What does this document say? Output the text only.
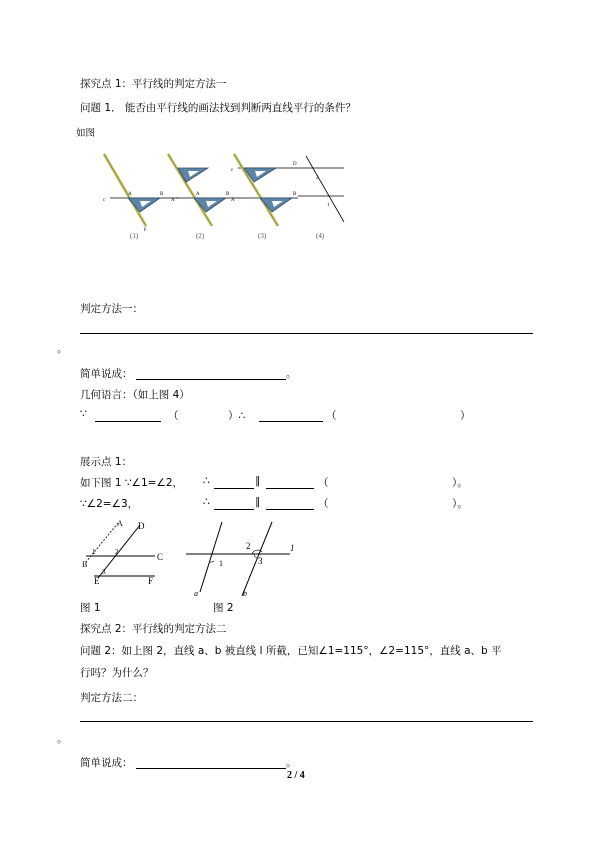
探究点 1：平行线的判定方法一
问题 1． 能否由平行线的画法找到判断两直线平行的条件？
如图
c
A	B
F
A
A	B
c
A
D
B
2
1
(1)	(2)	(3)	(4)
判定方法一：
。
简单说成：	。
几何语言：（如上图 4）
∵	（	）∴	（	）
展示点 1：
如下图 1 ∵∠1=∠2， ∴	∥	（	）。
∵∠2=∠3，	∴	∥	（	）。
A D
1	2	C
3
E	F
B
2
1	3
1
a	b
图 1	图 2
探究点 2：平行线的判定方法二
问题 2：如上图 2，直线 a、b 被直线 l 所截，已知∠1=115°，∠2=115°，直线 a、b 平
行吗？为什么？
判定方法二：
。
简单说成：	。
2 / 4
